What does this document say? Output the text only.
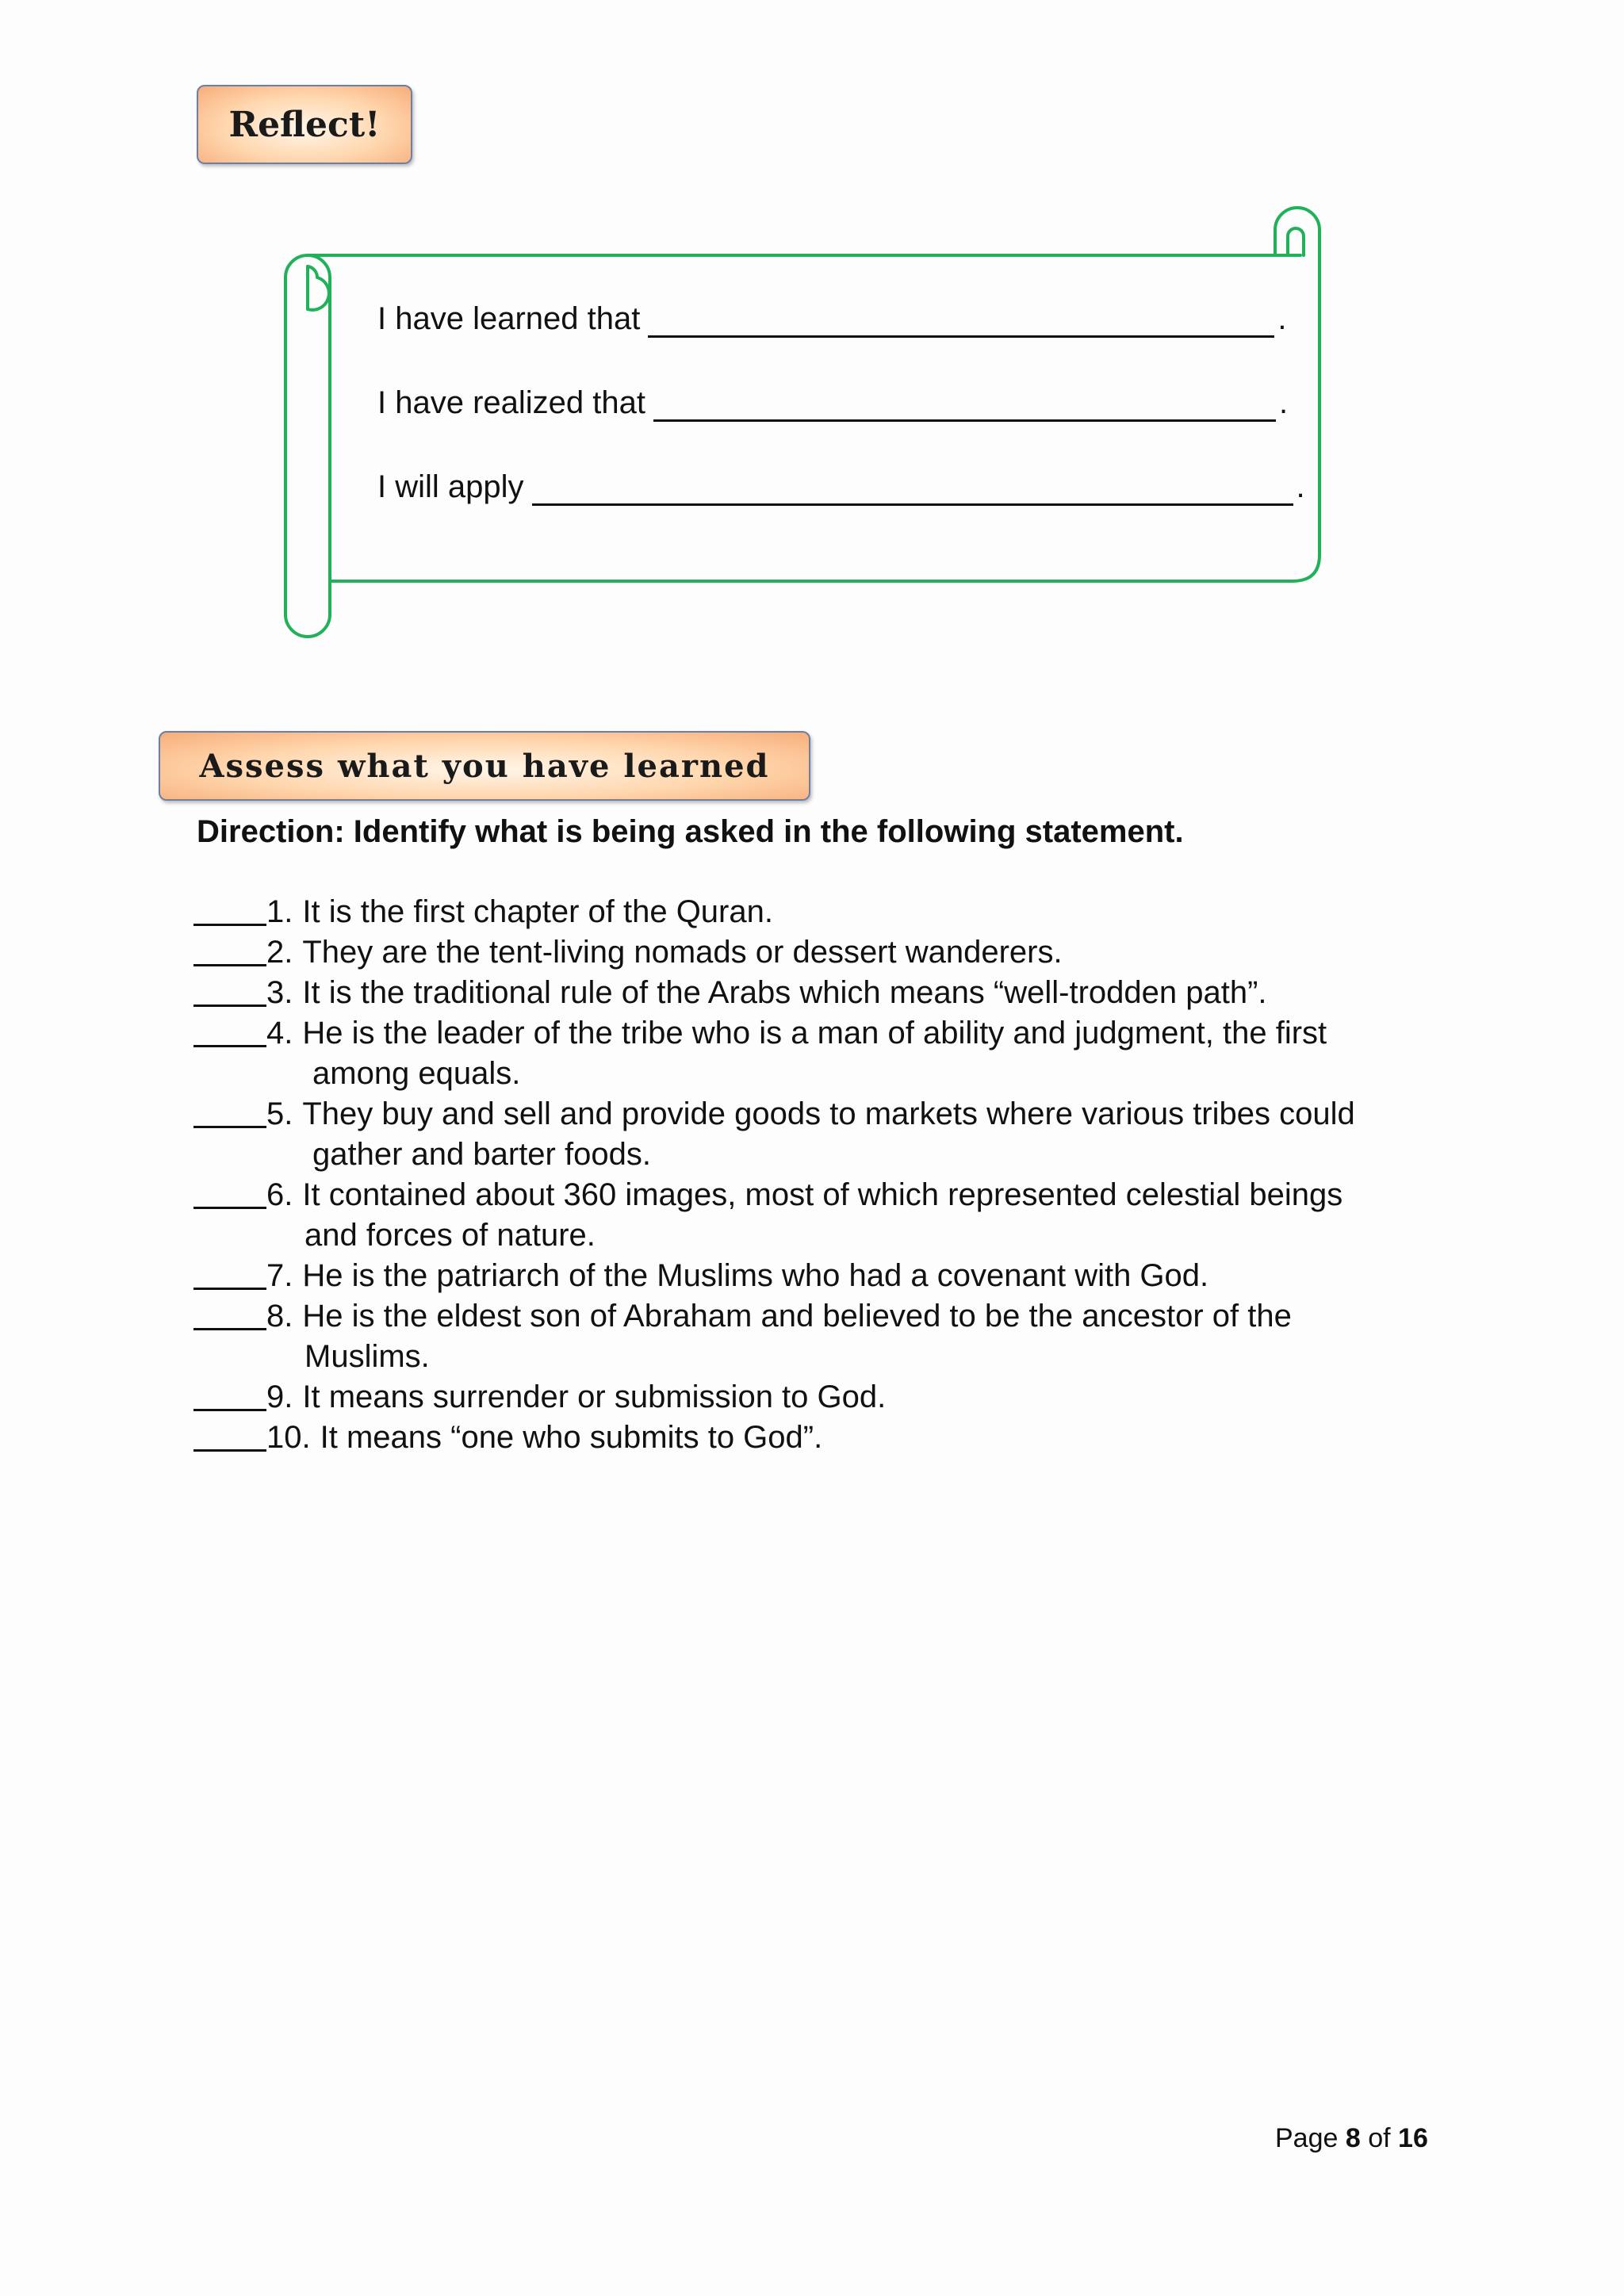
Reflect!
I have learned that	.
I have realized that	.
I will apply	.
Assess what you have learned
Direction: Identify what is being asked in the following statement.
1. It is the first chapter of the Quran.
2. They are the tent-living nomads or dessert wanderers.
3. It is the traditional rule of the Arabs which means “well-trodden path”.
4. He is the leader of the tribe who is a man of ability and judgment, the first
among equals.
5. They buy and sell and provide goods to markets where various tribes could
gather and barter foods.
6. It contained about 360 images, most of which represented celestial beings
and forces of nature.
7. He is the patriarch of the Muslims who had a covenant with God.
8. He is the eldest son of Abraham and believed to be the ancestor of the
Muslims.
9. It means surrender or submission to God.
10. It means “one who submits to God”.
Page 8 of 16
